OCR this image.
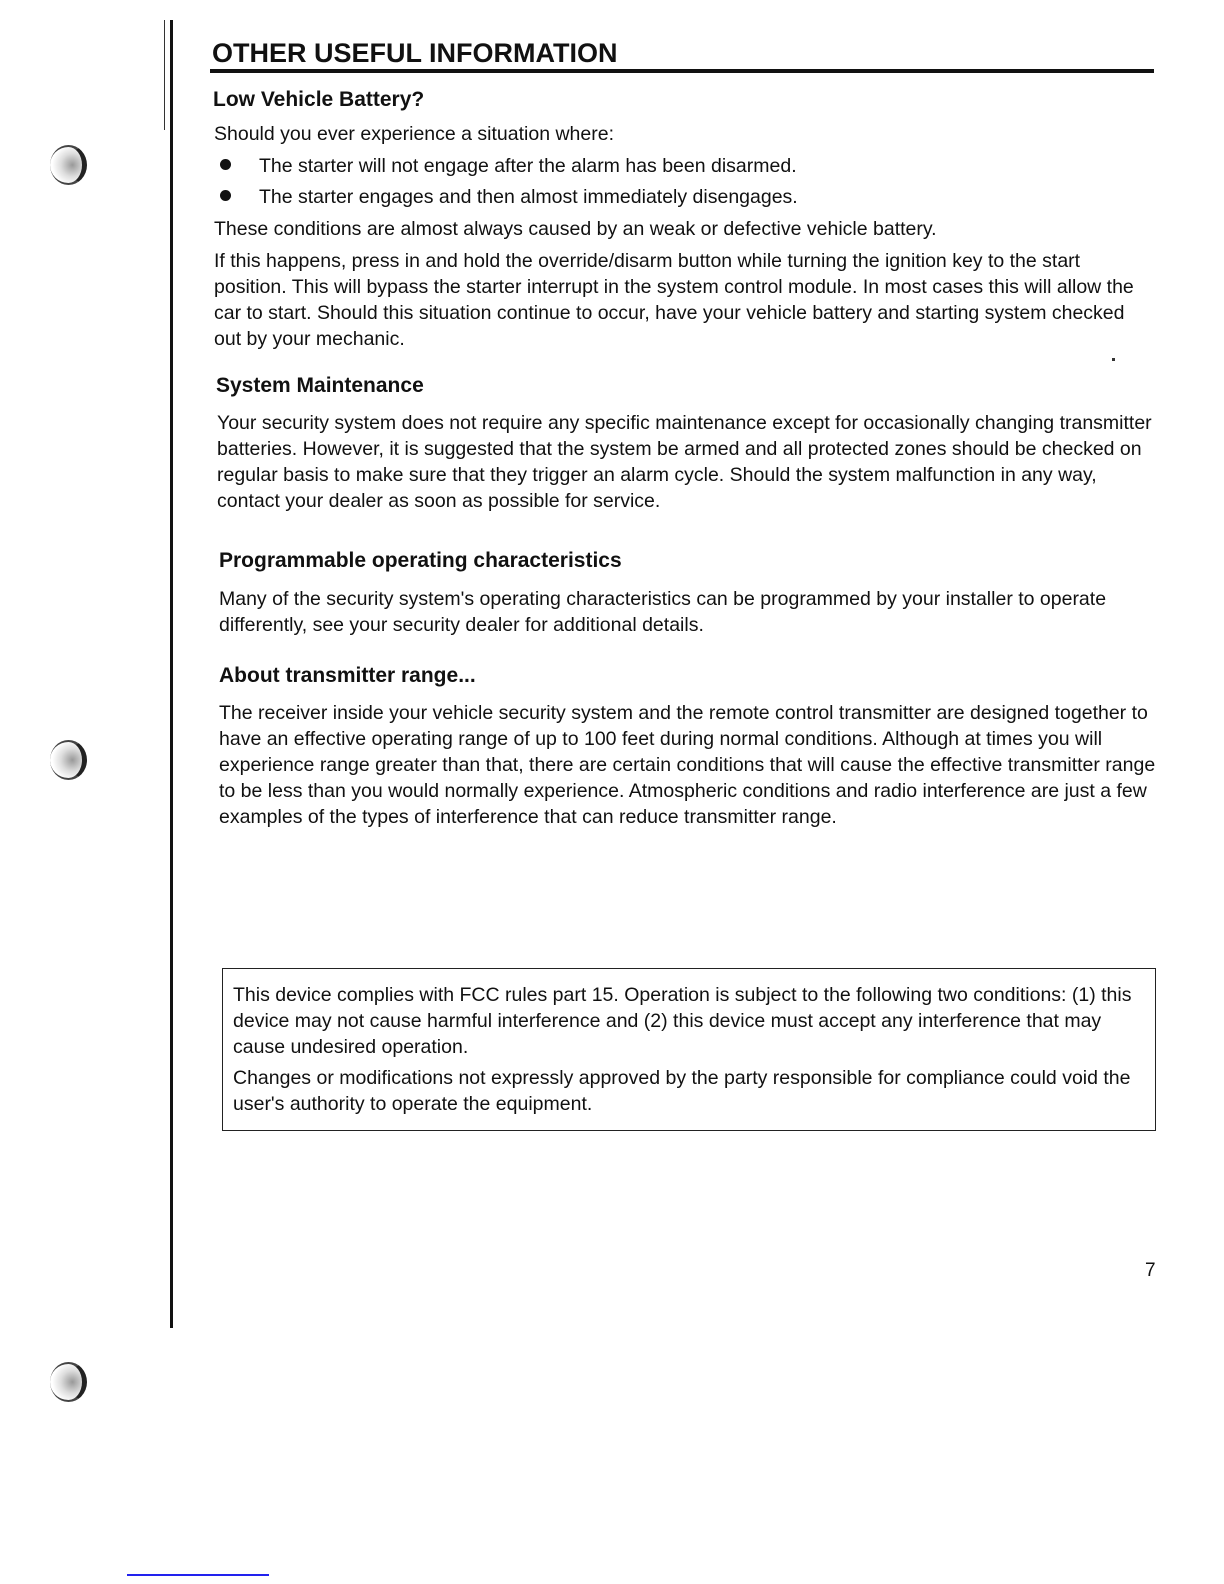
OTHER USEFUL INFORMATION
Low Vehicle Battery?
Should you ever experience a situation where:
The starter will not engage after the alarm has been disarmed.
The starter engages and then almost immediately disengages.
These conditions are almost always caused by an weak or defective vehicle battery.
If this happens, press in and hold the override/disarm button while turning the ignition key to the start position. This will bypass the starter interrupt in the system control module. In most cases this will allow the car to start. Should this situation continue to occur, have your vehicle battery and starting system checked out by your mechanic.
System Maintenance
Your security system does not require any specific maintenance except for occasionally changing transmitter batteries. However, it is suggested that the system be armed and all protected zones should be checked on regular basis to make sure that they trigger an alarm cycle. Should the system malfunction in any way, contact your dealer as soon as possible for service.
Programmable operating characteristics
Many of the security system's operating characteristics can be programmed by your installer to operate differently, see your security dealer for additional details.
About transmitter range...
The receiver inside your vehicle security system and the remote control transmitter are designed together to have an effective operating range of up to 100 feet during normal conditions. Although at times you will experience range greater than that, there are certain conditions that will cause the effective transmitter range to be less than you would normally experience. Atmospheric conditions and radio interference are just a few examples of the types of interference that can reduce transmitter range.
This device complies with FCC rules part 15. Operation is subject to the following two conditions: (1) this device may not cause harmful interference and (2) this device must accept any interference that may cause undesired operation.
Changes or modifications not expressly approved by the party responsible for compliance could void the user's authority to operate the equipment.
7
